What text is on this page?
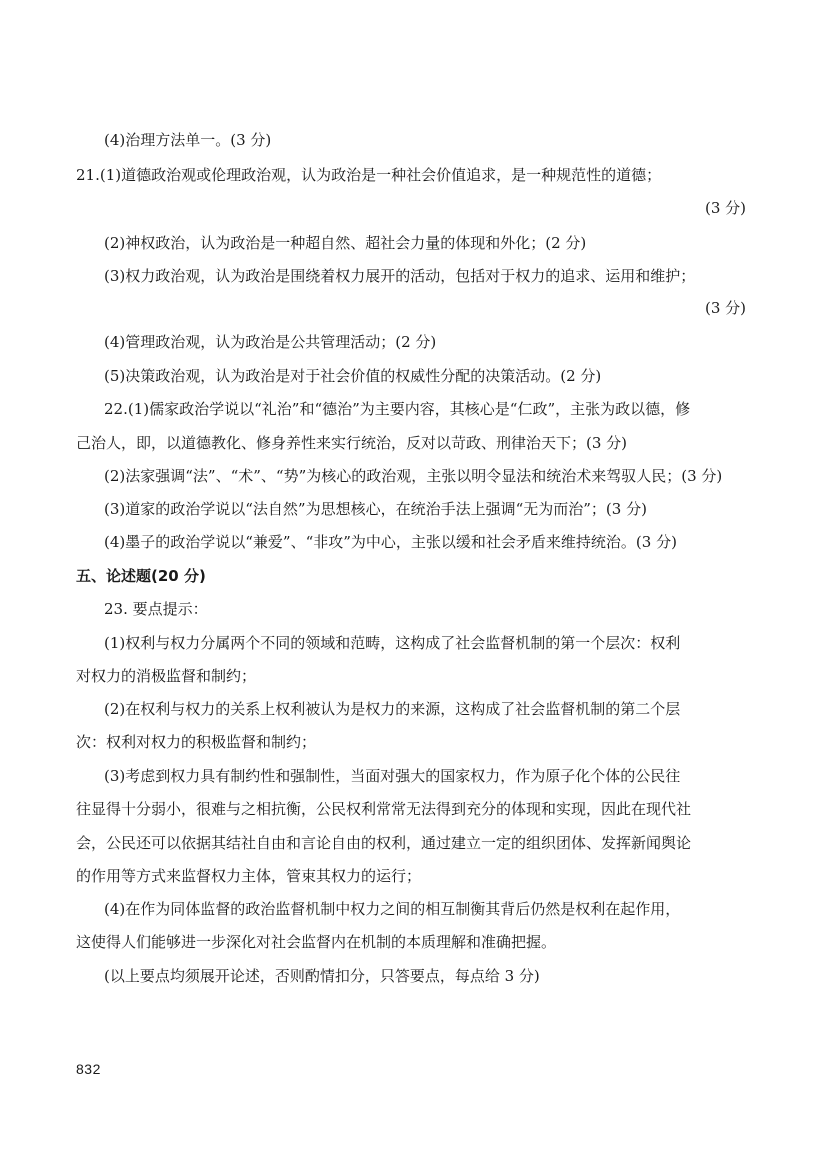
(4)治理方法单一。(3 分)
21.(1)道德政治观或伦理政治观，认为政治是一种社会价值追求，是一种规范性的道德；
(3 分)
(2)神权政治，认为政治是一种超自然、超社会力量的体现和外化；(2 分)
(3)权力政治观，认为政治是围绕着权力展开的活动，包括对于权力的追求、运用和维护；
(3 分)
(4)管理政治观，认为政治是公共管理活动；(2 分)
(5)决策政治观，认为政治是对于社会价值的权威性分配的决策活动。(2 分)
22.(1)儒家政治学说以“礼治”和“德治”为主要内容，其核心是“仁政”，主张为政以德，修
己治人，即，以道德教化、修身养性来实行统治，反对以苛政、刑律治天下；(3 分)
(2)法家强调“法”、“术”、“势”为核心的政治观，主张以明令显法和统治术来驾驭人民；(3 分)
(3)道家的政治学说以“法自然”为思想核心，在统治手法上强调“无为而治”；(3 分)
(4)墨子的政治学说以“兼爱”、“非攻”为中心，主张以缓和社会矛盾来维持统治。(3 分)
五、论述题(20 分)
23. 要点提示：
(1)权利与权力分属两个不同的领域和范畴，这构成了社会监督机制的第一个层次：权利
对权力的消极监督和制约；
(2)在权利与权力的关系上权利被认为是权力的来源，这构成了社会监督机制的第二个层
次：权利对权力的积极监督和制约；
(3)考虑到权力具有制约性和强制性，当面对强大的国家权力，作为原子化个体的公民往
往显得十分弱小，很难与之相抗衡，公民权利常常无法得到充分的体现和实现，因此在现代社
会，公民还可以依据其结社自由和言论自由的权利，通过建立一定的组织团体、发挥新闻舆论
的作用等方式来监督权力主体，管束其权力的运行；
(4)在作为同体监督的政治监督机制中权力之间的相互制衡其背后仍然是权利在起作用，
这使得人们能够进一步深化对社会监督内在机制的本质理解和准确把握。
(以上要点均须展开论述，否则酌情扣分，只答要点，每点给 3 分)
832
